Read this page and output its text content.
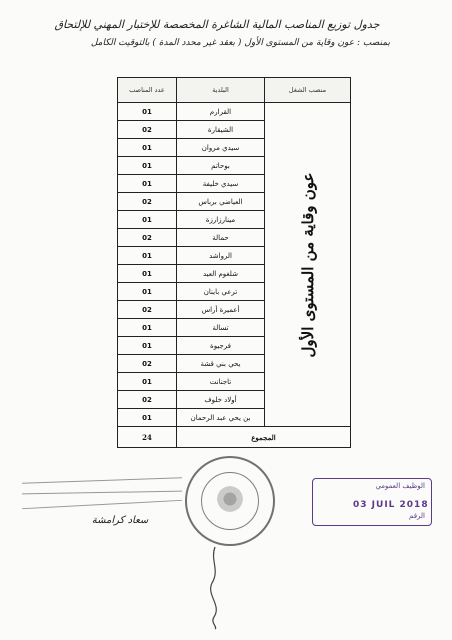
جدول توزيع المناصب المالية الشاغرة المخصصة للإختبار المهني للإلتحاق
بمنصب : عون وقاية من المستوى الأول ( بعقد غير محدد المدة ) بالتوقيت الكامل
منصب الشغل	البلدية	عدد المناصب

عون وقاية من المستوى الأول	القرارم	01
	الشيقارة	02
	سيدي مروان	01
	بوحاتم	01
	سيدي خليفة	01
	العياضي برباس	02
	مينارزارزة	01
	حمالة	02
	الرواشد	01
	شلغوم العيد	01
	ترعي باينان	01
	أعميرة أراس	02
	تسالة	01
	فرجيوة	01
	يحي بني قشة	02
	تاجنانت	01
	أولاد خلوف	02
	بن يحي عبد الرحمان	01
المجموع		24
سعاد كرامشة
الوظيف العمومي
03 JUIL 2018
الرقم
